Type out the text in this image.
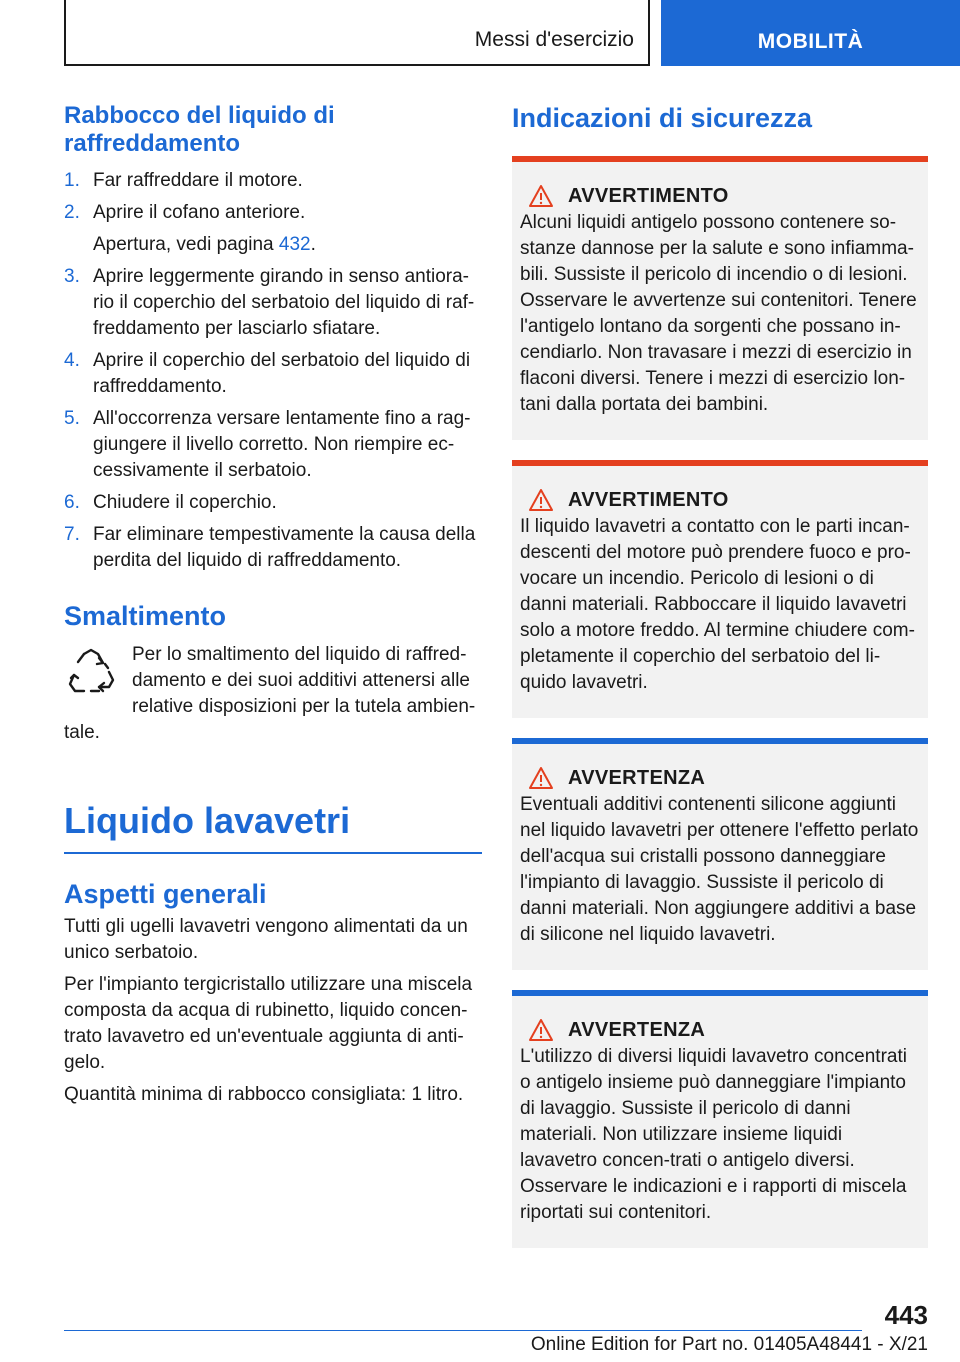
Messi d'esercizio	MOBILITÀ
Rabbocco del liquido di raffreddamento
1. Far raffreddare il motore.
2. Aprire il cofano anteriore.
Apertura, vedi pagina 432.
3. Aprire leggermente girando in senso antiora-rio il coperchio del serbatoio del liquido di raf-freddamento per lasciarlo sfiatare.
4. Aprire il coperchio del serbatoio del liquido di raffreddamento.
5. All'occorrenza versare lentamente fino a rag-giungere il livello corretto. Non riempire ec-cessivamente il serbatoio.
6. Chiudere il coperchio.
7. Far eliminare tempestivamente la causa della perdita del liquido di raffreddamento.
Smaltimento

Per lo smaltimento del liquido di raffred-damento e dei suoi additivi attenersi alle relative disposizioni per la tutela ambien-tale.

Liquido lavavetri
Aspetti generali

Tutti gli ugelli lavavetri vengono alimentati da un unico serbatoio.

Per l'impianto tergicristallo utilizzare una miscela composta da acqua di rubinetto, liquido concen-trato lavavetro ed un'eventuale aggiunta di anti-gelo.

Quantità minima di rabbocco consigliata: 1 litro.

Indicazioni di sicurezza
AVVERTIMENTO
Alcuni liquidi antigelo possono contenere so-stanze dannose per la salute e sono infiamma-bili. Sussiste il pericolo di incendio o di lesioni. Osservare le avvertenze sui contenitori. Tenere l'antigelo lontano da sorgenti che possano in-cendiarlo. Non travasare i mezzi di esercizio in flaconi diversi. Tenere i mezzi di esercizio lon-tani dalla portata dei bambini.
AVVERTIMENTO
Il liquido lavavetri a contatto con le parti incan-descenti del motore può prendere fuoco e pro-vocare un incendio. Pericolo di lesioni o di danni materiali. Rabboccare il liquido lavavetri solo a motore freddo. Al termine chiudere com-pletamente il coperchio del serbatoio del li-quido lavavetri.
AVVERTENZA
Eventuali additivi contenenti silicone aggiunti nel liquido lavavetri per ottenere l'effetto perlato dell'acqua sui cristalli possono danneggiare l'impianto di lavaggio. Sussiste il pericolo di danni materiali. Non aggiungere additivi a base di silicone nel liquido lavavetri.
AVVERTENZA
L'utilizzo di diversi liquidi lavavetro concentrati o antigelo insieme può danneggiare l'impianto di lavaggio. Sussiste il pericolo di danni materiali. Non utilizzare insieme liquidi lavavetro concen-trati o antigelo diversi. Osservare le indicazioni e i rapporti di miscela riportati sui contenitori.
443
Online Edition for Part no. 01405A48441 - X/21
